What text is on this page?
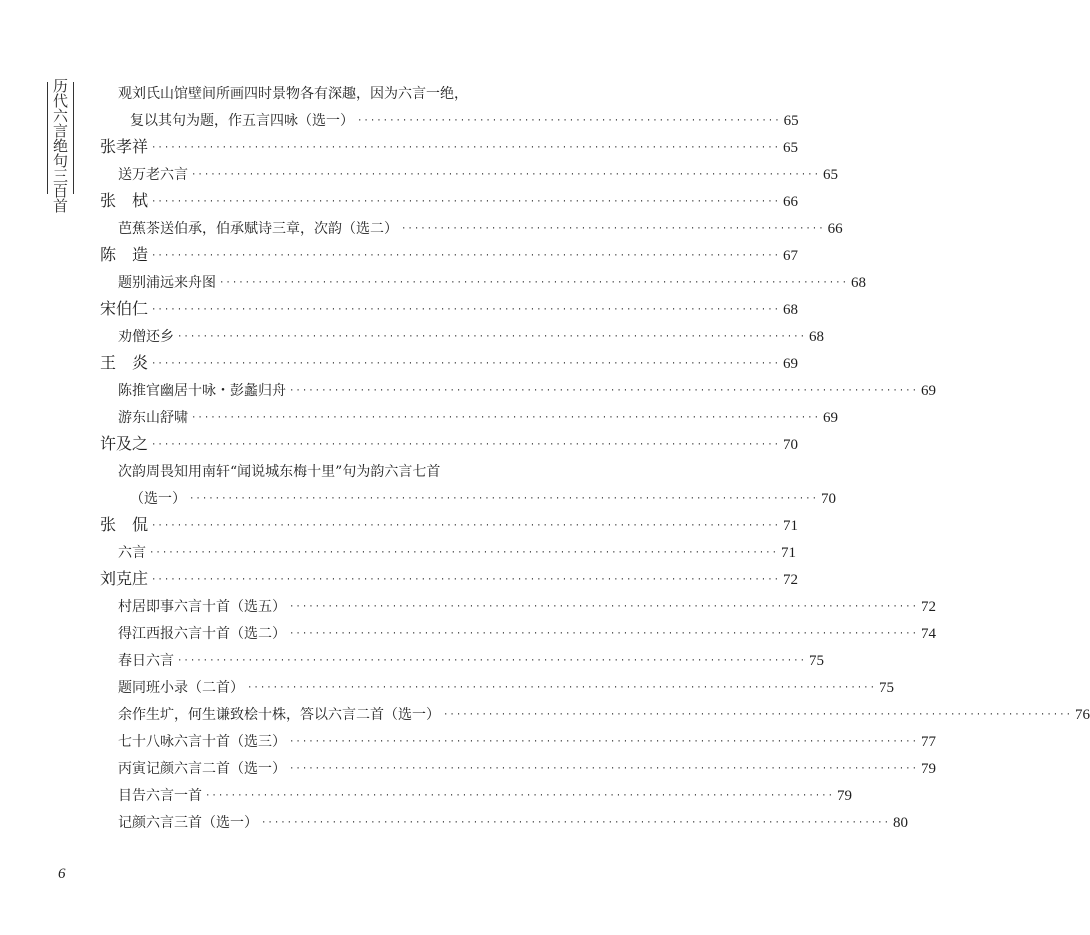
历代六言绝句三百首	观刘氏山馆壁间所画四时景物各有深趣，因为六言一绝，
复以其句为题，作五言四咏（选一） ·································································· 65
张孝祥 ·································································································· 65
送万老六言 ·································································································· 65
张　栻 ·································································································· 66
芭蕉茶送伯承，伯承赋诗三章，次韵（选二） ·································································· 66
陈　造 ·································································································· 67
题别浦远来舟图 ·································································································· 68
宋伯仁 ·································································································· 68
劝僧还乡 ·································································································· 68
王　炎 ·································································································· 69
陈推官幽居十咏・彭蠡归舟 ·································································································· 69
游东山舒啸 ·································································································· 69
许及之 ·································································································· 70
次韵周畏知用南轩“闻说城东梅十里”句为韵六言七首
（选一） ·································································································· 70
张　侃 ·································································································· 71
六言 ·································································································· 71
刘克庄 ·································································································· 72
村居即事六言十首（选五） ·································································································· 72
得江西报六言十首（选二） ·································································································· 74
春日六言 ·································································································· 75
题同班小录（二首） ·································································································· 75
余作生圹，何生谦致桧十株，答以六言二首（选一） ·································································································· 76
七十八咏六言十首（选三） ·································································································· 77
丙寅记颜六言二首（选一） ·································································································· 79
目告六言一首 ·································································································· 79
记颜六言三首（选一） ·································································································· 80
6
